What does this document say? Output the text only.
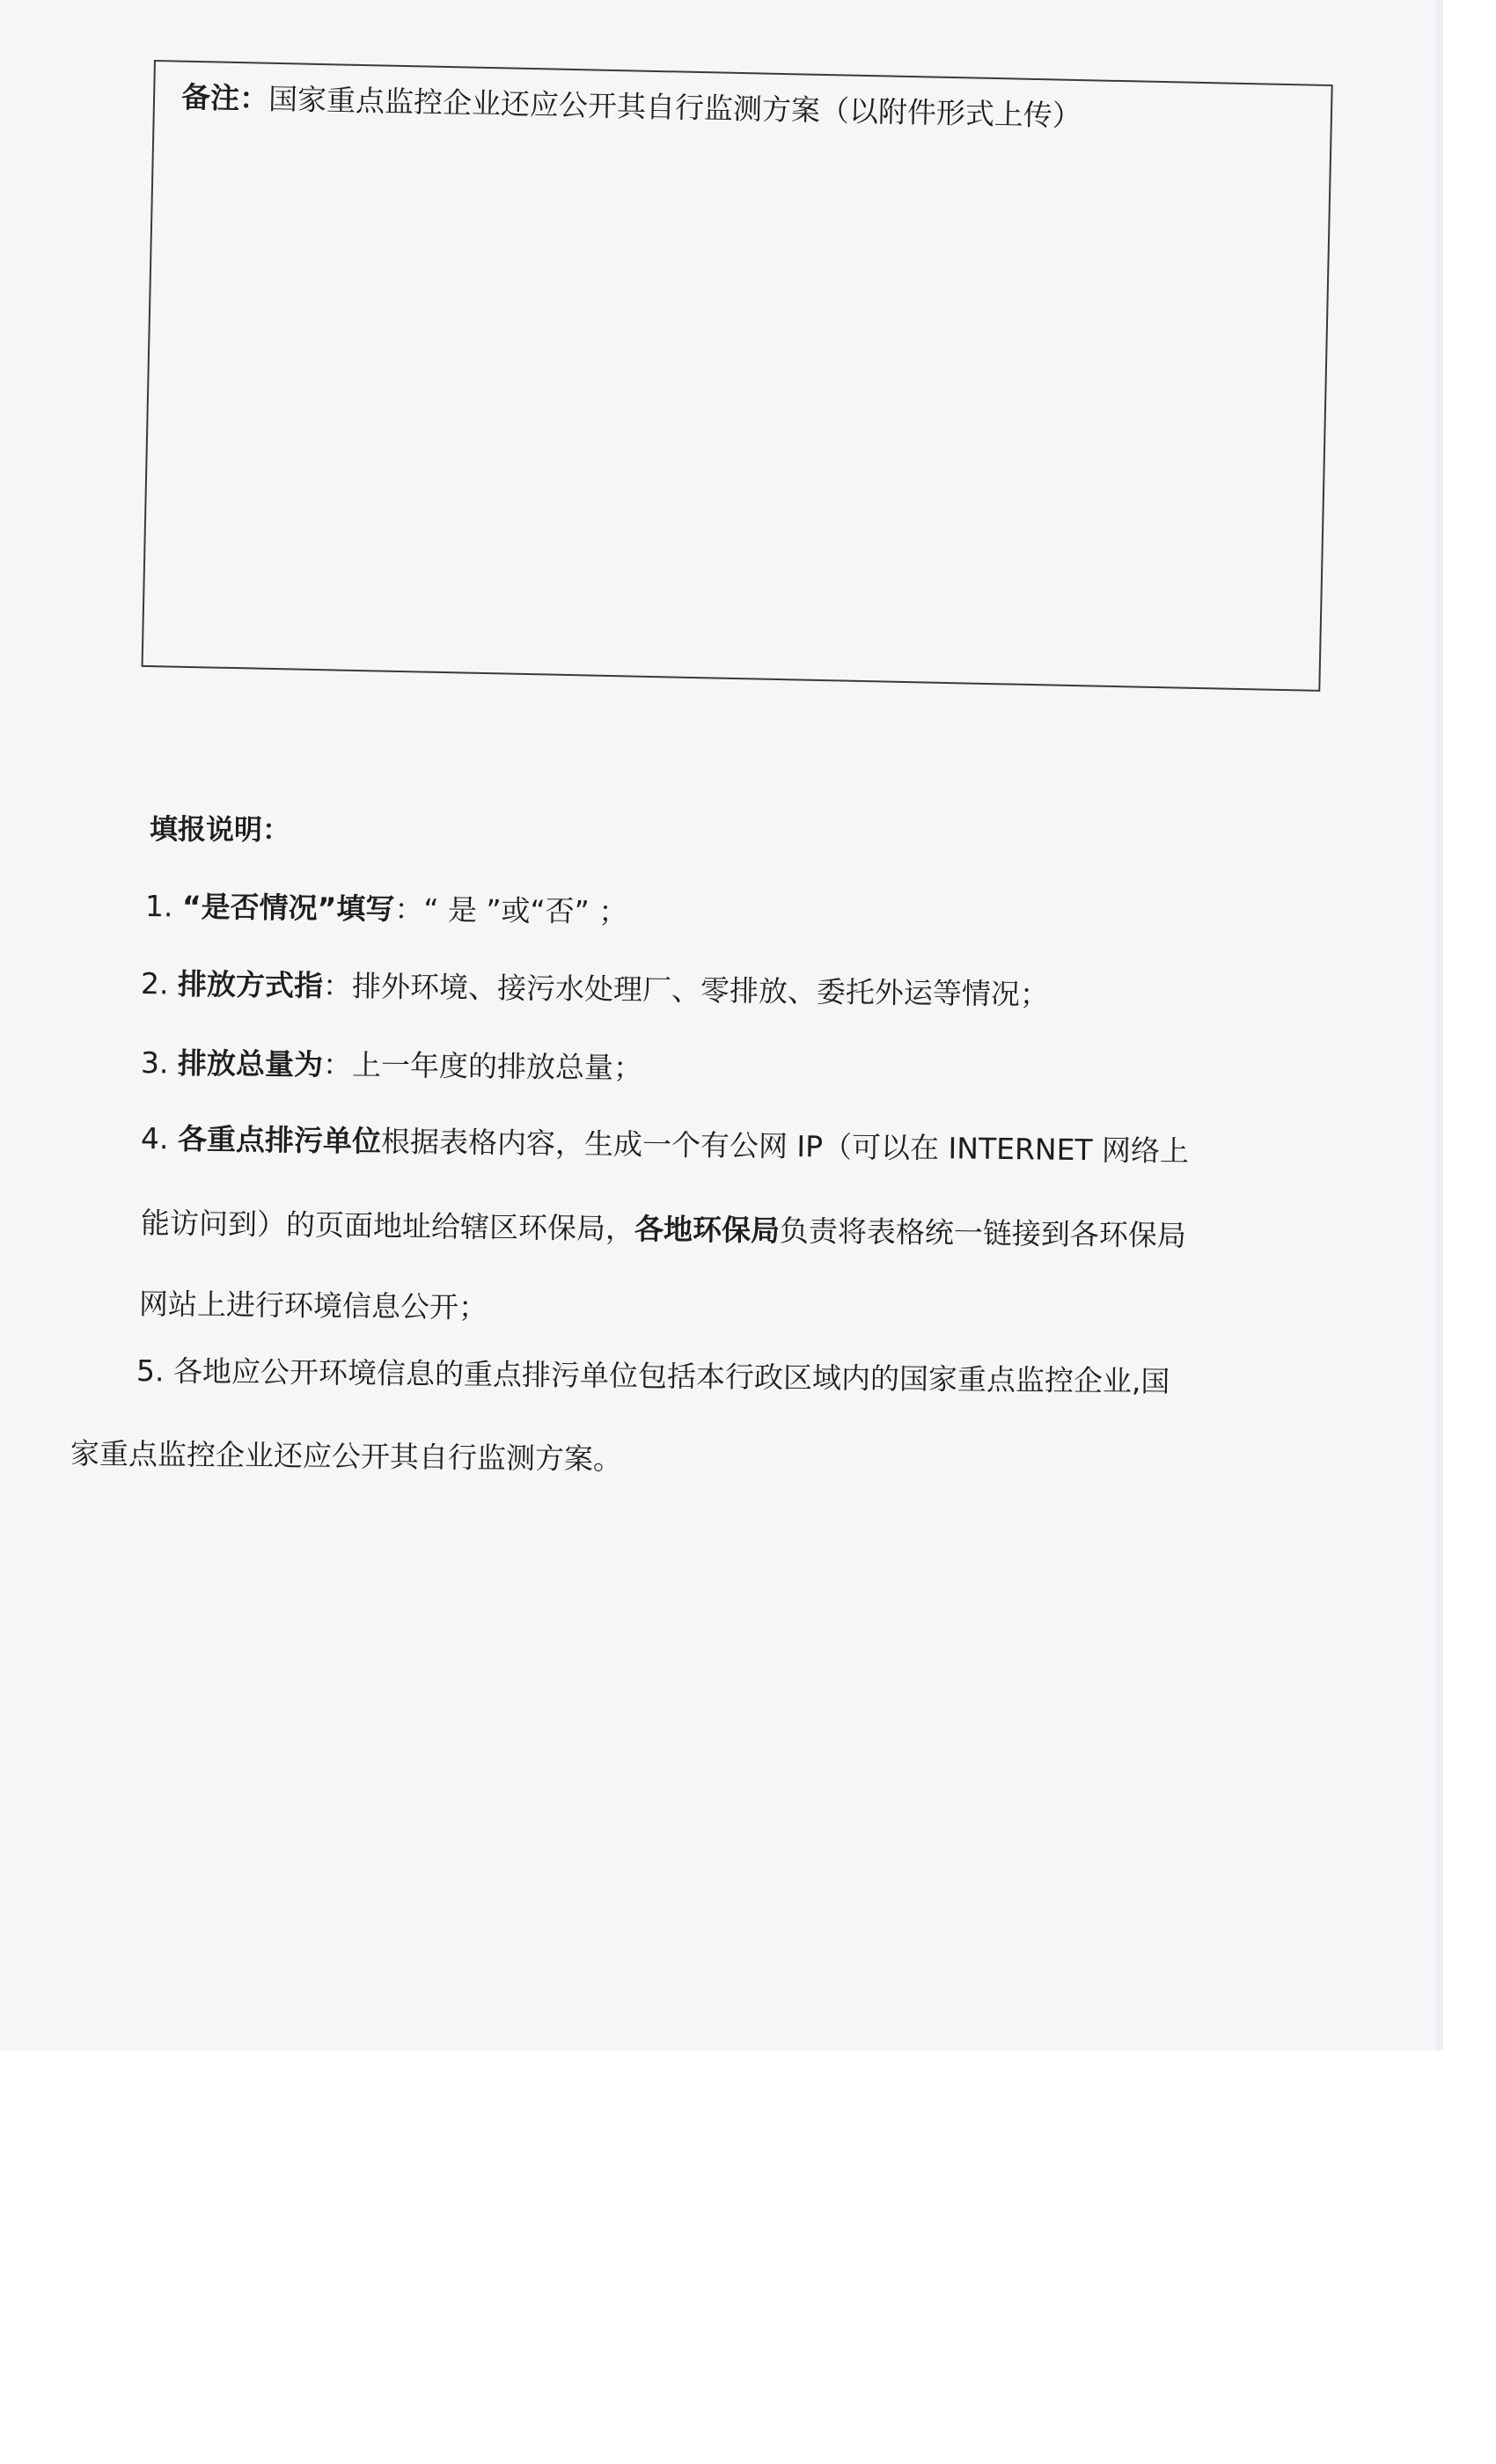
备注：国家重点监控企业还应公开其自行监测方案（以附件形式上传）
填报说明：
1. “是否情况”填写：“ 是 ”或“否” ；
2. 排放方式指：排外环境、接污水处理厂、零排放、委托外运等情况；
3. 排放总量为：上一年度的排放总量；
4. 各重点排污单位根据表格内容，生成一个有公网 IP（可以在 INTERNET 网络上
能访问到）的页面地址给辖区环保局，各地环保局负责将表格统一链接到各环保局
网站上进行环境信息公开；
5. 各地应公开环境信息的重点排污单位包括本行政区域内的国家重点监控企业,国
家重点监控企业还应公开其自行监测方案。
